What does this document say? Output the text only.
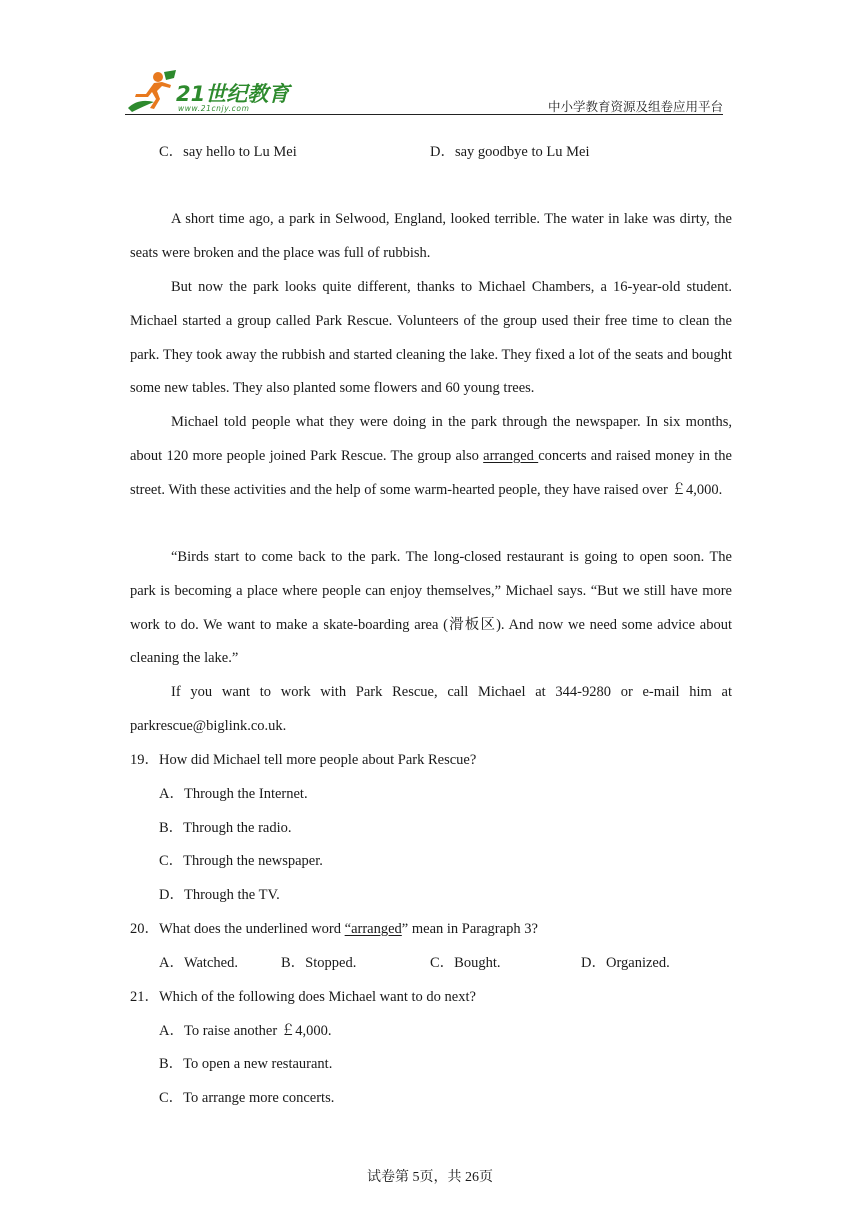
21世纪教育
www.21cnjy.com	中小学教育资源及组卷应用平台
C．say hello to Lu Mei	D．say goodbye to Lu Mei
A short time ago, a park in Selwood, England, looked terrible. The water in lake was dirty, the seats were broken and the place was full of rubbish.
But now the park looks quite different, thanks to Michael Chambers, a 16-year-old student. Michael started a group called Park Rescue. Volunteers of the group used their free time to clean the park. They took away the rubbish and started cleaning the lake. They fixed a lot of the seats and bought some new tables. They also planted some flowers and 60 young trees.
Michael told people what they were doing in the park through the newspaper. In six months, about 120 more people joined Park Rescue. The group also arranged concerts and raised money in the street. With these activities and the help of some warm-hearted people, they have raised over ￡4,000.
“Birds start to come back to the park. The long-closed restaurant is going to open soon. The park is becoming a place where people can enjoy themselves,” Michael says. “But we still have more work to do. We want to make a skate-boarding area (滑板区). And now we need some advice about cleaning the lake.”
If you want to work with Park Rescue, call Michael at 344-9280 or e-mail him at parkrescue@biglink.co.uk.
19．How did Michael tell more people about Park Rescue?
A．Through the Internet.
B．Through the radio.
C．Through the newspaper.
D．Through the TV.
20．What does the underlined word “arranged” mean in Paragraph 3?
A．Watched.	B．Stopped.	C．Bought.	D．Organized.
21．Which of the following does Michael want to do next?
A．To raise another ￡4,000.
B．To open a new restaurant.
C．To arrange more concerts.
试卷第 5页，共 26页
